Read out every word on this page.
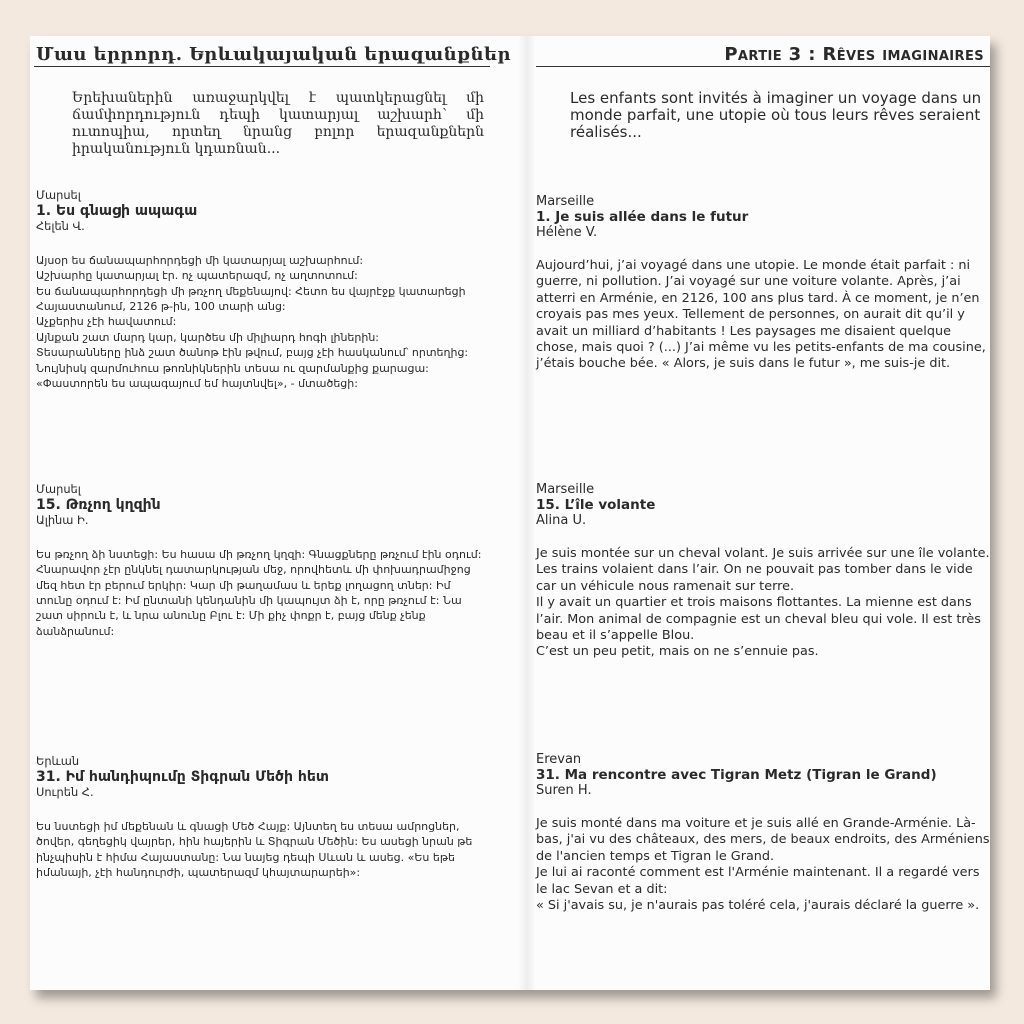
Մաս երրորդ. Երևակայական երազանքներ
Երեխաներին առաջարկվել է պատկերացնել մի ճամփորդություն դեպի կատարյալ աշխարհ՝ մի ուտոպիա, որտեղ նրանց բոլոր երազանքներն իրականություն կդառնան...
Մարսել
1. Ես գնացի ապագա
Հելեն Վ.

Այսօր ես ճանապարհորդեցի մի կատարյալ աշխարհում:

Աշխարհը կատարյալ էր. ոչ պատերազմ, ոչ աղտոտում:

Ես ճանապարհորդեցի մի թռչող մեքենայով: Հետո ես վայրէջք կատարեցի Հայաստանում, 2126 թ-ին, 100 տարի անց:

Աչքերիս չէի հավատում:

Այնքան շատ մարդ կար, կարծես մի միլիարդ հոգի լիներին:

Տեսարանները ինձ շատ ծանոթ էին թվում, բայց չէի հասկանում՝ որտեղից:

Նույնիսկ զարմուհուս թոռնիկներին տեսա ու զարմանքից քարացա:

«Փաստորեն ես ապագայում եմ հայտնվել», - մտածեցի:

Մարսել
15. Թռչող կղզին
Ալինա Ի.

Ես թռչող ձի նստեցի: Ես հասա մի թռչող կղզի: Գնացքները թռչում էին օդում: Հնարավոր չէր ընկնել դատարկության մեջ, որովհետև մի փոխադրամիջոց մեզ հետ էր բերում երկիր: Կար մի թաղամաս և երեք լողացող տներ: Իմ տունը օդում է: Իմ ընտանի կենդանին մի կապույտ ձի է, որը թռչում է: Նա շատ սիրուն է, և նրա անունը Բլու է: Մի քիչ փոքր է, բայց մենք չենք ձանձրանում:

Երևան
31. Իմ հանդիպումը Տիգրան Մեծի հետ
Սուրեն Հ.

Ես նստեցի իմ մեքենան և գնացի Մեծ Հայք: Այնտեղ ես տեսա ամրոցներ, ծովեր, գեղեցիկ վայրեր, հին հայերին և Տիգրան Մեծին: Ես ասեցի նրան թե ինչպիսին է հիմա Հայաստանը: Նա նայեց դեպի Սևան և ասեց. «Ես եթե իմանայի, չէի հանդուրժի, պատերազմ կհայտարարեի»:

Partie 3 : Rêves imaginaires
Les enfants sont invités à imaginer un voyage dans un monde parfait, une utopie où tous leurs rêves seraient réalisés...
Marseille
1. Je suis allée dans le futur
Hélène V.

Aujourd’hui, j’ai voyagé dans une utopie. Le monde était parfait : ni guerre, ni pollution. J’ai voyagé sur une voiture volante. Après, j’ai atterri en Arménie, en 2126, 100 ans plus tard. À ce moment, je n’en croyais pas mes yeux. Tellement de personnes, on aurait dit qu’il y avait un milliard d’habitants ! Les paysages me disaient quelque chose, mais quoi ? (...) J’ai même vu les petits-enfants de ma cousine, j’étais bouche bée. « Alors, je suis dans le futur », me suis-je dit.

Marseille
15. L’île volante
Alina U.

Je suis montée sur un cheval volant. Je suis arrivée sur une île volante. Les trains volaient dans l’air. On ne pouvait pas tomber dans le vide car un véhicule nous ramenait sur terre.

Il y avait un quartier et trois maisons flottantes. La mienne est dans l’air. Mon animal de compagnie est un cheval bleu qui vole. Il est très beau et il s’appelle Blou.

C’est un peu petit, mais on ne s’ennuie pas.

Erevan
31. Ma rencontre avec Tigran Metz (Tigran le Grand)
Suren H.

Je suis monté dans ma voiture et je suis allé en Grande-Arménie. Là-bas, j'ai vu des châteaux, des mers, de beaux endroits, des Arméniens de l'ancien temps et Tigran le Grand.

Je lui ai raconté comment est l'Arménie maintenant. Il a regardé vers le lac Sevan et a dit:

« Si j'avais su, je n'aurais pas toléré cela, j'aurais déclaré la guerre ».
